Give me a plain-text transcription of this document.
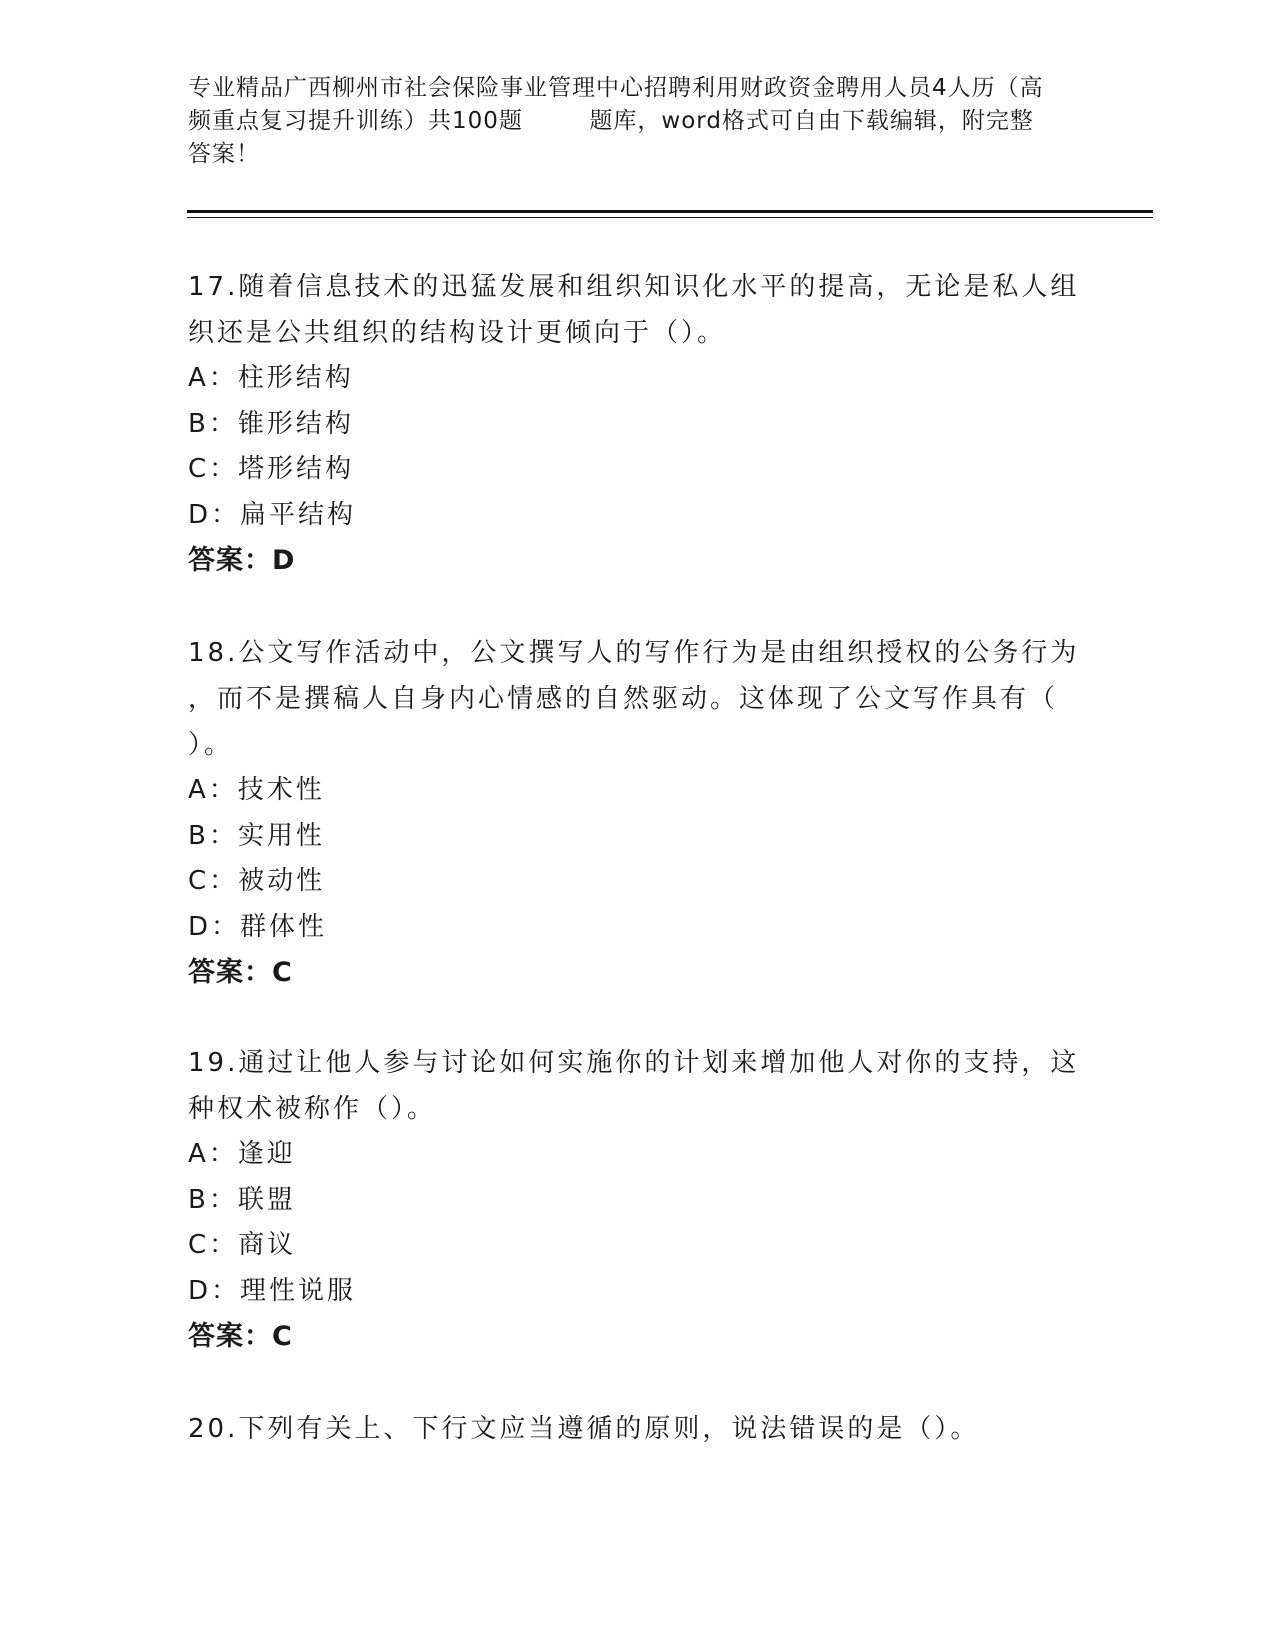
专业精品广西柳州市社会保险事业管理中心招聘利用财政资金聘用人员4人历（高
频重点复习提升训练）共100题        题库，word格式可自由下载编辑，附完整
答案！
17.随着信息技术的迅猛发展和组织知识化水平的提高，无论是私人组
织还是公共组织的结构设计更倾向于（）。
A：柱形结构
B：锥形结构
C：塔形结构
D：扁平结构
答案：D
18.公文写作活动中，公文撰写人的写作行为是由组织授权的公务行为
，而不是撰稿人自身内心情感的自然驱动。这体现了公文写作具有（
）。
A：技术性
B：实用性
C：被动性
D：群体性
答案：C
19.通过让他人参与讨论如何实施你的计划来增加他人对你的支持，这
种权术被称作（）。
A：逢迎
B：联盟
C：商议
D：理性说服
答案：C
20.下列有关上、下行文应当遵循的原则，说法错误的是（）。
